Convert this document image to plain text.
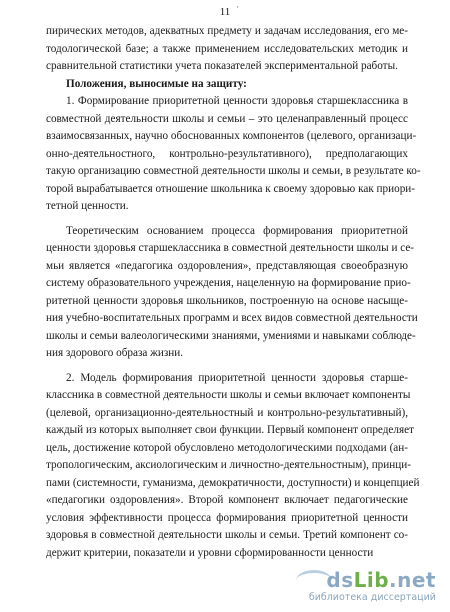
·
11
пирических методов, адекватных предмету и задачам исследования, его ме-
тодологической базе; а также применением исследовательских методик и
сравнительной статистики учета показателей экспериментальной работы.
Положения, выносимые на защиту:
1. Формирование приоритетной ценности здоровья старшеклассника в
совместной деятельности школы и семьи – это целенаправленный процесс
взаимосвязанных, научно обоснованных компонентов (целевого, организаци-
онно-деятельностного, контрольно-результативного), предполагающих
такую организацию совместной деятельности школы и семьи, в результате ко-
торой вырабатывается отношение школьника к своему здоровью как приори-
тетной ценности.
Теоретическим основанием процесса формирования приоритетной
ценности здоровья старшеклассника в совместной деятельности школы и се-
мьи является «педагогика оздоровления», представляющая своеобразную
систему образовательного учреждения, нацеленную на формирование прио-
ритетной ценности здоровья школьников, построенную на основе насыще-
ния учебно-воспитательных программ и всех видов совместной деятельности
школы и семьи валеологическими знаниями, умениями и навыками соблюде-
ния здорового образа жизни.
2. Модель формирования приоритетной ценности здоровья старше-
классника в совместной деятельности школы и семьи включает компоненты
(целевой, организационно-деятельностный и контрольно-результативный),
каждый из которых выполняет свои функции. Первый компонент определяет
цель, достижение которой обусловлено методологическими подходами (ан-
тропологическим, аксиологическим и личностно-деятельностным), принци-
пами (системности, гуманизма, демократичности, доступности) и концепцией
«педагогики оздоровления». Второй компонент включает педагогические
условия эффективности процесса формирования приоритетной ценности
здоровья в совместной деятельности школы и семьи. Третий компонент со-
держит критерии, показатели и уровни сформированности ценности
dsLib.net
библиотека диссертаций
